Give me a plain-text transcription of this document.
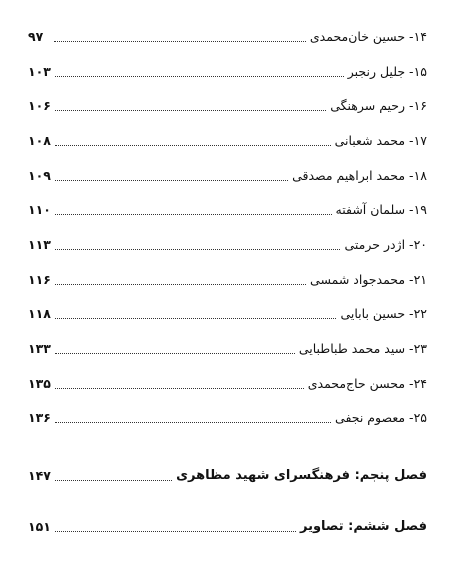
۱۴- حسین خان‌محمدی
۹۷
۱۵- جلیل رنجبر
۱۰۳
۱۶- رحیم سرهنگی
۱۰۶
۱۷- محمد شعبانی
۱۰۸
۱۸- محمد ابراهیم مصدقی
۱۰۹
۱۹- سلمان آشفته
۱۱۰
۲۰- اژدر حرمتی
۱۱۳
۲۱- محمدجواد شمسی
۱۱۶
۲۲- حسین بابایی
۱۱۸
۲۳- سید محمد طباطبایی
۱۳۳
۲۴- محسن حاج‌محمدی
۱۳۵
۲۵- معصوم نجفی
۱۳۶
فصل پنجم: فرهنگسرای شهید مظاهری
۱۴۷
فصل ششم: تصاویر
۱۵۱
